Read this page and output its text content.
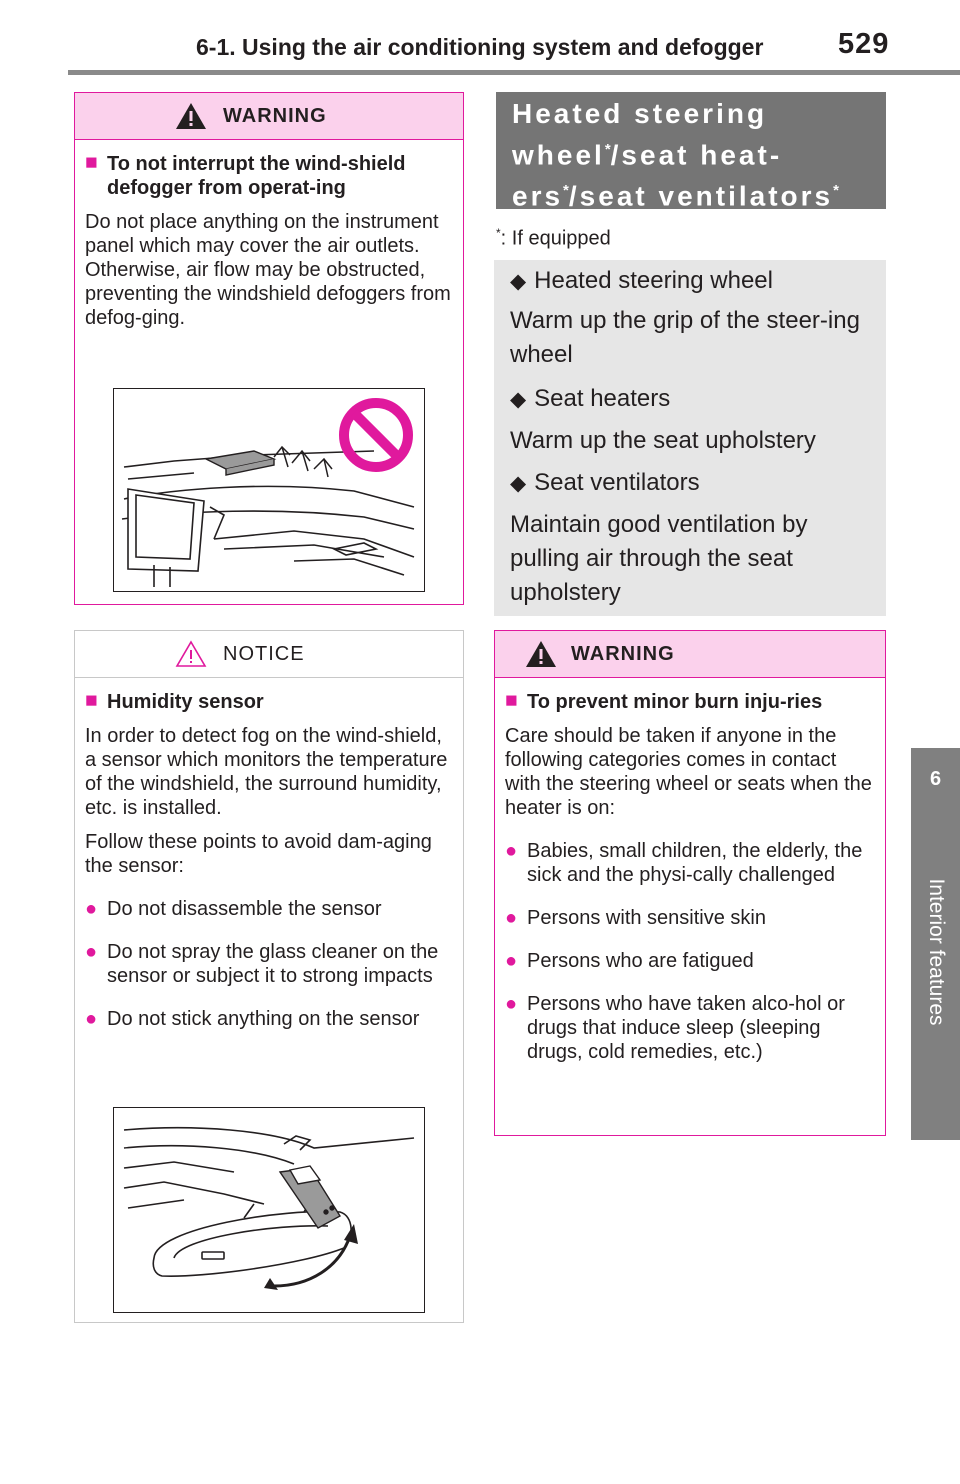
6-1. Using the air conditioning system and defogger	529
6
Interior features
WARNING
■ To not interrupt the wind-shield defogger from operat-ing
Do not place anything on the instrument panel which may cover the air outlets. Otherwise, air flow may be obstructed, preventing the windshield defoggers from defog-ging.
NOTICE
■ Humidity sensor
In order to detect fog on the wind-shield, a sensor which monitors the temperature of the windshield, the surround humidity, etc. is installed.
Follow these points to avoid dam-aging the sensor:
● Do not disassemble the sensor
● Do not spray the glass cleaner on the sensor or subject it to strong impacts
● Do not stick anything on the sensor
Heated steering wheel*/seat heat-ers*/seat ventilators*
*: If equipped
◆ Heated steering wheel
Warm up the grip of the steer-ing wheel
◆ Seat heaters
Warm up the seat upholstery
◆ Seat ventilators
Maintain good ventilation by pulling air through the seat upholstery
WARNING
■ To prevent minor burn inju-ries
Care should be taken if anyone in the following categories comes in contact with the steering wheel or seats when the heater is on:
● Babies, small children, the elderly, the sick and the physi-cally challenged
● Persons with sensitive skin
● Persons who are fatigued
● Persons who have taken alco-hol or drugs that induce sleep (sleeping drugs, cold remedies, etc.)
